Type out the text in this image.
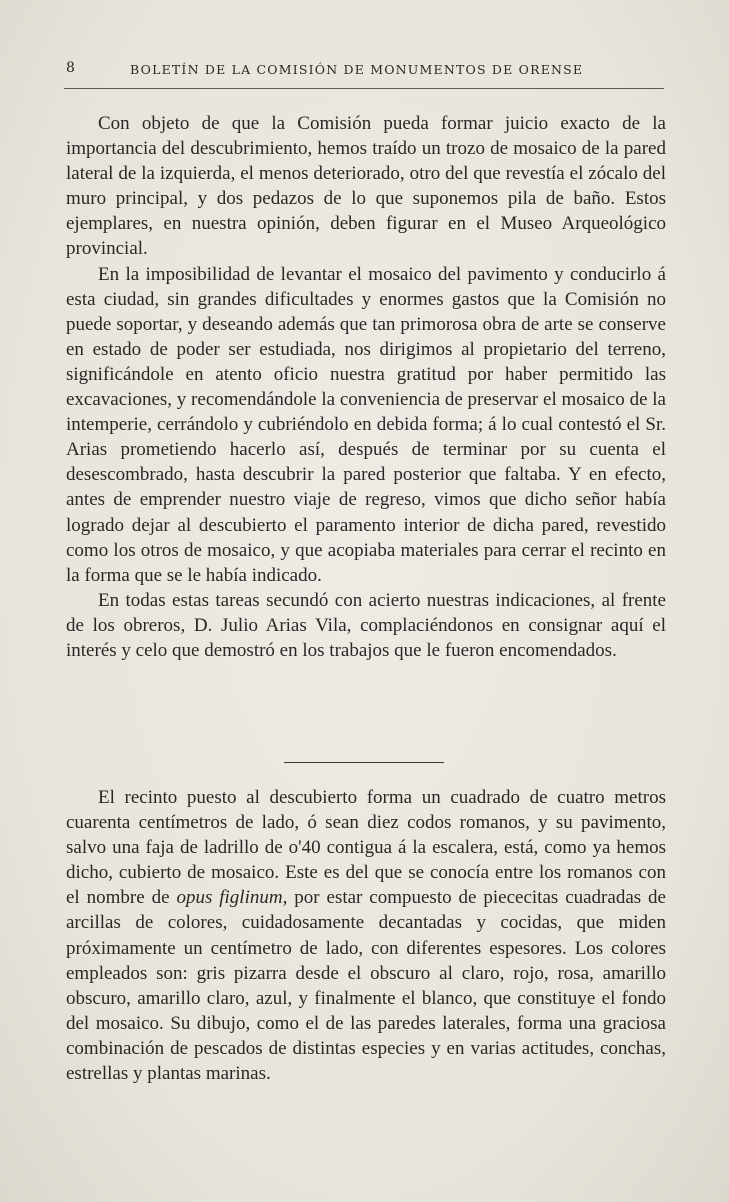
8	BOLETÍN DE LA COMISIÓN DE MONUMENTOS DE ORENSE

Con objeto de que la Comisión pueda formar juicio exacto de la importancia del descubrimiento, hemos traído un trozo de mosaico de la pared lateral de la izquierda, el menos deteriorado, otro del que revestía el zócalo del muro principal, y dos pedazos de lo que suponemos pila de baño. Estos ejemplares, en nuestra opinión, deben figurar en el Museo Arqueológico provincial.

En la imposibilidad de levantar el mosaico del pavimento y conducirlo á esta ciudad, sin grandes dificultades y enormes gastos que la Comisión no puede soportar, y deseando además que tan primorosa obra de arte se conserve en estado de poder ser estudiada, nos dirigimos al propietario del terreno, significándole en atento oficio nuestra gratitud por haber permitido las excavaciones, y recomendándole la conveniencia de preservar el mosaico de la intemperie, cerrándolo y cubriéndolo en debida forma; á lo cual contestó el Sr. Arias prometiendo hacerlo así, después de terminar por su cuenta el desescombrado, hasta descubrir la pared posterior que faltaba. Y en efecto, antes de emprender nuestro viaje de regreso, vimos que dicho señor había logrado dejar al descubierto el paramento interior de dicha pared, revestido como los otros de mosaico, y que acopiaba materiales para cerrar el recinto en la forma que se le había indicado.

En todas estas tareas secundó con acierto nuestras indicaciones, al frente de los obreros, D. Julio Arias Vila, complaciéndonos en consignar aquí el interés y celo que demostró en los trabajos que le fueron encomendados.

El recinto puesto al descubierto forma un cuadrado de cuatro metros cuarenta centímetros de lado, ó sean diez codos romanos, y su pavimento, salvo una faja de ladrillo de o'40 contigua á la escalera, está, como ya hemos dicho, cubierto de mosaico. Este es del que se conocía entre los romanos con el nombre de opus figlinum, por estar compuesto de piececitas cuadradas de arcillas de colores, cuidadosamente decantadas y cocidas, que miden próximamente un centímetro de lado, con diferentes espesores. Los colores empleados son: gris pizarra desde el obscuro al claro, rojo, rosa, amarillo obscuro, amarillo claro, azul, y finalmente el blanco, que constituye el fondo del mosaico. Su dibujo, como el de las paredes laterales, forma una graciosa combinación de pescados de distintas especies y en varias actitudes, conchas, estrellas y plantas marinas.
